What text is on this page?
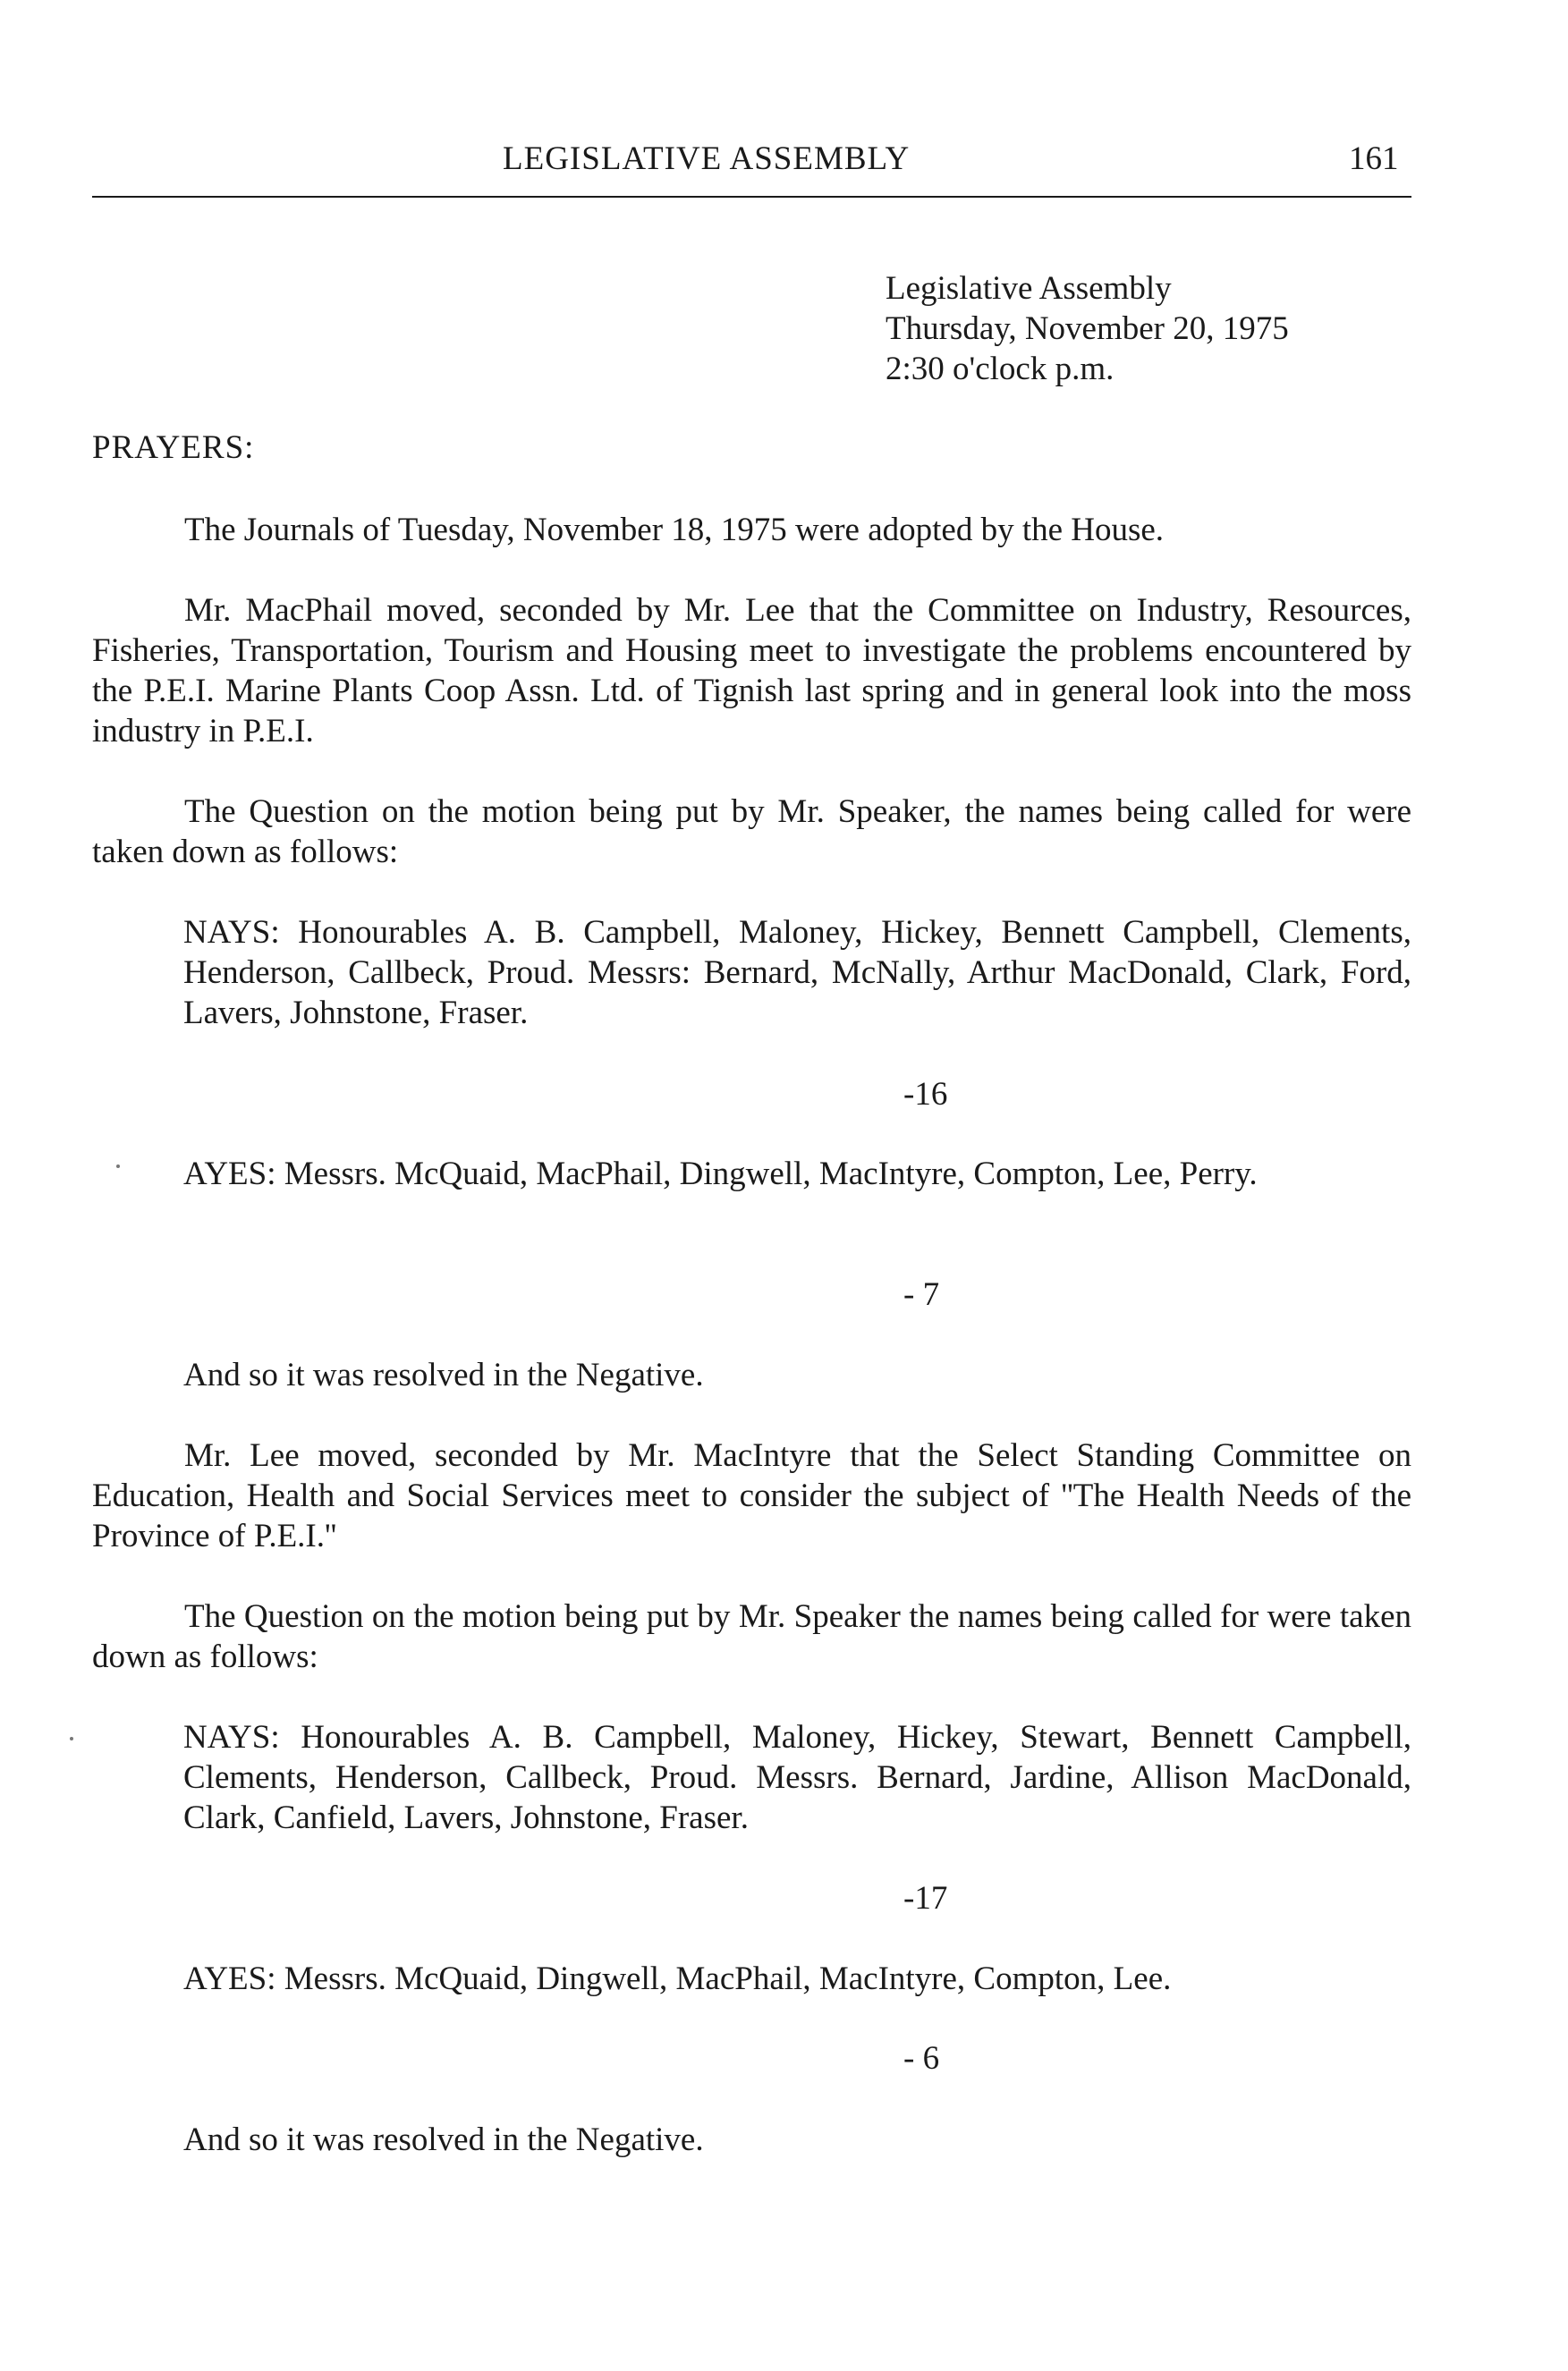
LEGISLATIVE ASSEMBLY	161
Legislative Assembly
Thursday, November 20, 1975
2:30 o'clock p.m.
PRAYERS:
The Journals of Tuesday, November 18, 1975 were adopted by the House.
Mr. MacPhail moved, seconded by Mr. Lee that the Committee on Industry, Resources, Fisheries, Transportation, Tourism and Housing meet to investigate the problems encountered by the P.E.I. Marine Plants Coop Assn. Ltd. of Tignish last spring and in general look into the moss industry in P.E.I.
The Question on the motion being put by Mr. Speaker, the names being called for were taken down as follows:
NAYS: Honourables A. B. Campbell, Maloney, Hickey, Bennett Campbell, Clements, Henderson, Callbeck, Proud. Messrs: Bernard, McNally, Arthur MacDonald, Clark, Ford, Lavers, Johnstone, Fraser.
-16
AYES: Messrs. McQuaid, MacPhail, Dingwell, MacIntyre, Compton, Lee, Perry.
- 7
And so it was resolved in the Negative.
Mr. Lee moved, seconded by Mr. MacIntyre that the Select Standing Committee on Education, Health and Social Services meet to consider the subject of ''The Health Needs of the Province of P.E.I.''
The Question on the motion being put by Mr. Speaker the names being called for were taken down as follows:
NAYS: Honourables A. B. Campbell, Maloney, Hickey, Stewart, Bennett Campbell, Clements, Henderson, Callbeck, Proud. Messrs. Bernard, Jardine, Allison MacDonald, Clark, Canfield, Lavers, Johnstone, Fraser.
-17
AYES: Messrs. McQuaid, Dingwell, MacPhail, MacIntyre, Compton, Lee.
- 6
And so it was resolved in the Negative.
